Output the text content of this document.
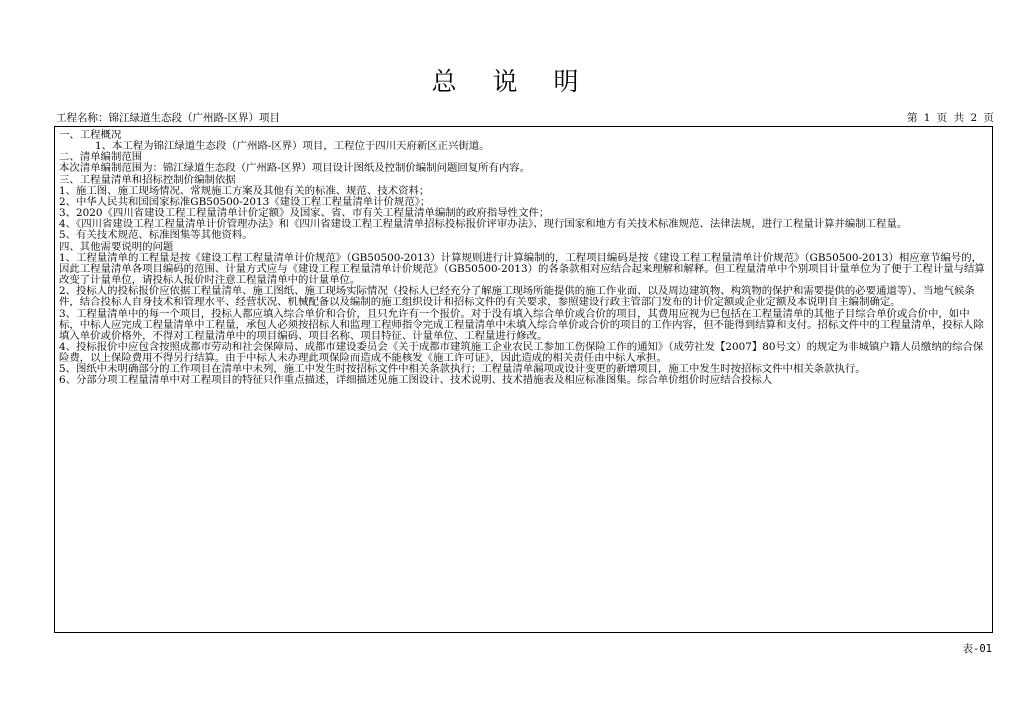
总 说 明
工程名称：锦江绿道生态段（广州路-区界）项目	第 1 页 共 2 页
一、工程概况
1、本工程为锦江绿道生态段（广州路-区界）项目，工程位于四川天府新区正兴街道。
二、清单编制范围
本次清单编制范围为：锦江绿道生态段（广州路-区界）项目设计图纸及控制价编制问题回复所有内容。
三、工程量清单和招标控制价编制依据
1、施工图、施工现场情况、常规施工方案及其他有关的标准、规范、技术资料；
2、中华人民共和国国家标准GB50500-2013《建设工程工程量清单计价规范》；
3、2020《四川省建设工程工程量清单计价定额》及国家、省、市有关工程量清单编制的政府指导性文件；
4、《四川省建设工程工程量清单计价管理办法》和《四川省建设工程工程量清单招标投标报价评审办法》、现行国家和地方有关技术标准规范、法律法规，进行工程量计算并编制工程量。
5、有关技术规范、标准图集等其他资料。
四、其他需要说明的问题
1、工程量清单的工程量是按《建设工程工程量清单计价规范》（GB50500-2013）计算规则进行计算编制的，工程项目编码是按《建设工程工程量清单计价规范》（GB50500-2013）相应章节编号的，因此工程量清单各项目编码的范围、计量方式应与《建设工程工程量清单计价规范》（GB50500-2013）的各条款相对应结合起来理解和解释。但工程量清单中个别项目计量单位为了便于工程计量与结算改变了计量单位，请投标人报价时注意工程量清单中的计量单位。
2、投标人的投标报价应依据工程量清单、施工图纸、施工现场实际情况（投标人已经充分了解施工现场所能提供的施工作业面、以及周边建筑物、构筑物的保护和需要提供的必要通道等）、当地气候条件，结合投标人自身技术和管理水平、经营状况、机械配备以及编制的施工组织设计和招标文件的有关要求，参照建设行政主管部门发布的计价定额或企业定额及本说明自主编制确定。
3、工程量清单中的每一个项目，投标人都应填入综合单价和合价，且只允许有一个报价。对于没有填入综合单价或合价的项目，其费用应视为已包括在工程量清单的其他子目综合单价或合价中，如中标，中标人应完成工程量清单中工程量，承包人必须按招标人和监理工程师指令完成工程量清单中未填入综合单价或合价的项目的工作内容，但不能得到结算和支付。招标文件中的工程量清单，投标人除填入单价或价格外，不得对工程量清单中的项目编码、项目名称、项目特征、计量单位、工程量进行修改。
4、投标报价中应包含按照成都市劳动和社会保障局、成都市建设委员会《关于成都市建筑施工企业农民工参加工伤保险工作的通知》（成劳社发【2007】80号文）的规定为非城镇户籍人员缴纳的综合保险费，以上保险费用不得另行结算。由于中标人未办理此项保险而造成不能核发《施工许可证》，因此造成的相关责任由中标人承担。
5、图纸中未明确部分的工作项目在清单中未列，施工中发生时按招标文件中相关条款执行；工程量清单漏项或设计变更的新增项目，施工中发生时按招标文件中相关条款执行。
6、分部分项工程量清单中对工程项目的特征只作重点描述，详细描述见施工图设计、技术说明、技术措施表及相应标准图集。综合单价组价时应结合投标人
表-01
